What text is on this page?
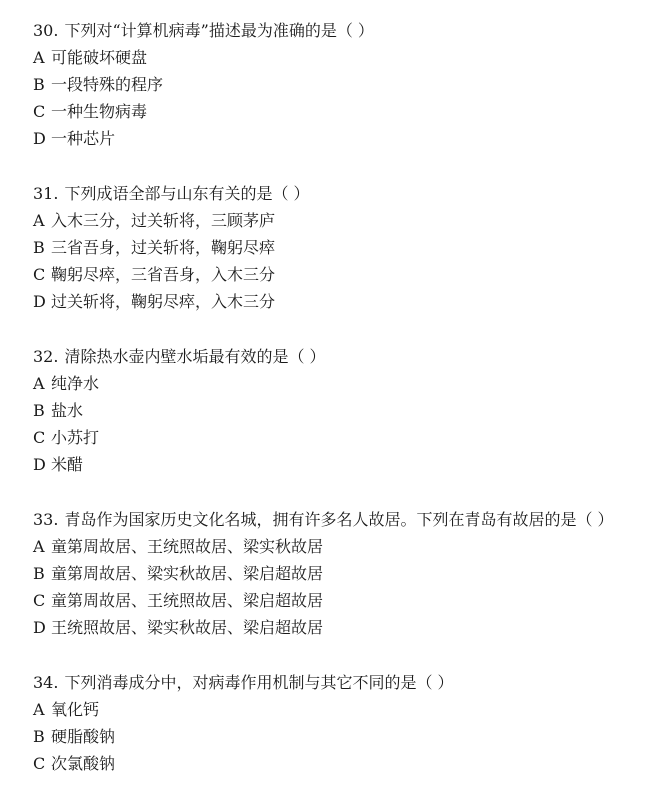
30. 下列对“计算机病毒”描述最为准确的是（ ）
A 可能破坏硬盘
B 一段特殊的程序
C 一种生物病毒
D 一种芯片
31. 下列成语全部与山东有关的是（ ）
A 入木三分，过关斩将，三顾茅庐
B 三省吾身，过关斩将，鞠躬尽瘁
C 鞠躬尽瘁，三省吾身，入木三分
D 过关斩将，鞠躬尽瘁，入木三分
32. 清除热水壶内壁水垢最有效的是（ ）
A 纯净水
B 盐水
C 小苏打
D 米醋
33. 青岛作为国家历史文化名城，拥有许多名人故居。下列在青岛有故居的是（ ）
A 童第周故居、王统照故居、梁实秋故居
B 童第周故居、梁实秋故居、梁启超故居
C 童第周故居、王统照故居、梁启超故居
D 王统照故居、梁实秋故居、梁启超故居
34. 下列消毒成分中，对病毒作用机制与其它不同的是（ ）
A 氧化钙
B 硬脂酸钠
C 次氯酸钠
